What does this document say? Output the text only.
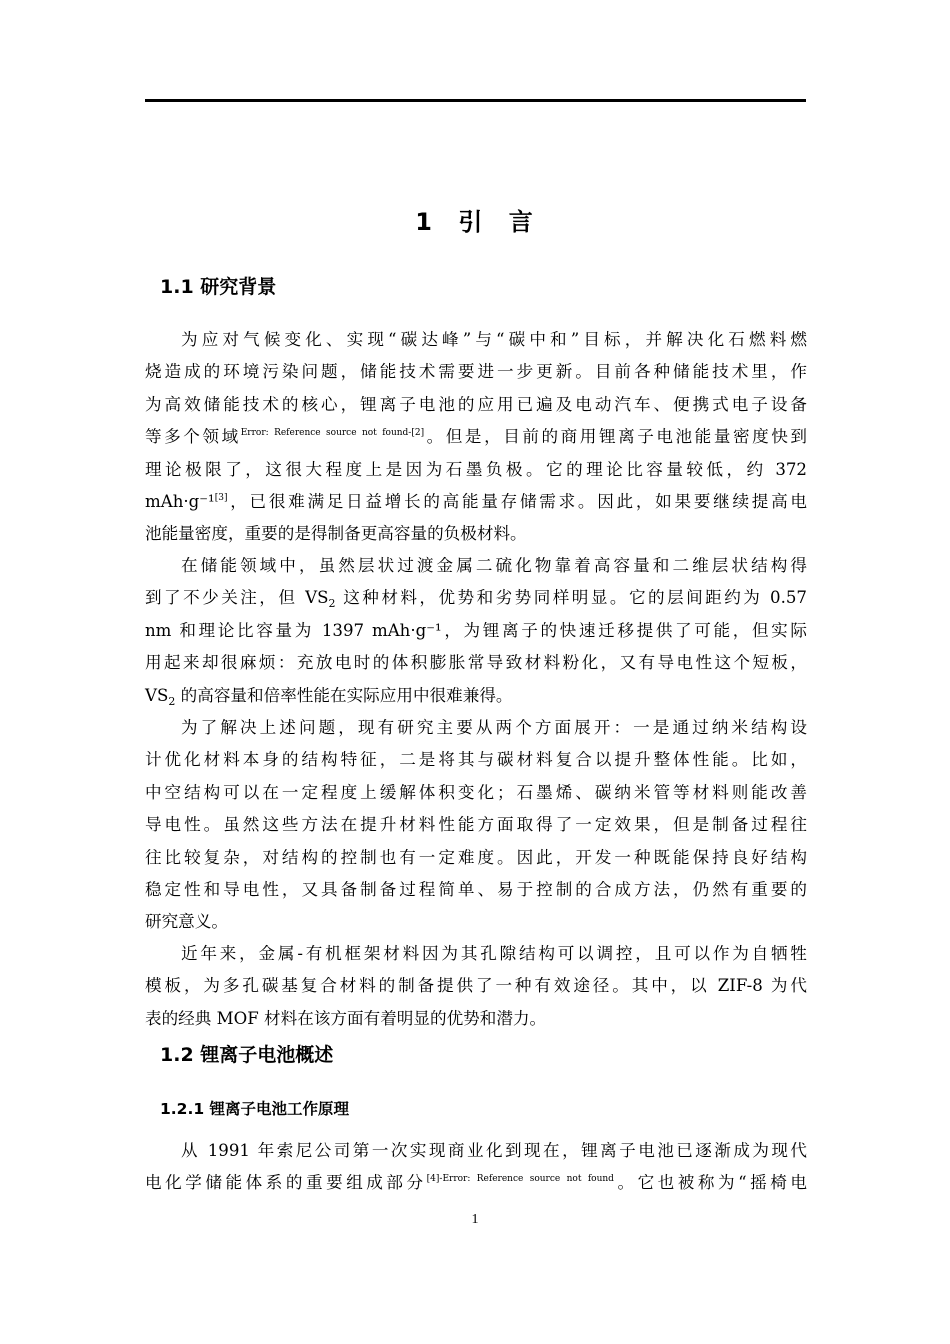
1 引 言
1.1 研究背景
为应对气候变化、实现“碳达峰”与“碳中和”目标，并解决化石燃料燃
烧造成的环境污染问题，储能技术需要进一步更新。目前各种储能技术里，作
为高效储能技术的核心，锂离子电池的应用已遍及电动汽车、便携式电子设备
等多个领域$^{Error: Reference source not found-[2]}$。但是，目前的商用锂离子电池能量密度快到
理论极限了，这很大程度上是因为石墨负极。它的理论比容量较低，约 372
mAh·g⁻¹[3]，已很难满足日益增长的高能量存储需求。因此，如果要继续提高电
池能量密度，重要的是得制备更高容量的负极材料。
在储能领域中，虽然层状过渡金属二硫化物靠着高容量和二维层状结构得
到了不少关注，但 $VS_2$ 这种材料，优势和劣势同样明显。它的层间距约为 0.57
nm 和理论比容量为 1397 mAh·g⁻¹，为锂离子的快速迁移提供了可能，但实际
用起来却很麻烦：充放电时的体积膨胀常导致材料粉化，又有导电性这个短板，
$VS_2$ 的高容量和倍率性能在实际应用中很难兼得。
为了解决上述问题，现有研究主要从两个方面展开：一是通过纳米结构设
计优化材料本身的结构特征，二是将其与碳材料复合以提升整体性能。比如，
中空结构可以在一定程度上缓解体积变化；石墨烯、碳纳米管等材料则能改善
导电性。虽然这些方法在提升材料性能方面取得了一定效果，但是制备过程往
往比较复杂，对结构的控制也有一定难度。因此，开发一种既能保持良好结构
稳定性和导电性，又具备制备过程简单、易于控制的合成方法，仍然有重要的
研究意义。
近年来，金属-有机框架材料因为其孔隙结构可以调控，且可以作为自牺牲
模板，为多孔碳基复合材料的制备提供了一种有效途径。其中，以 ZIF-8 为代
表的经典 MOF 材料在该方面有着明显的优势和潜力。
1.2 锂离子电池概述
1.2.1 锂离子电池工作原理
从 1991 年索尼公司第一次实现商业化到现在，锂离子电池已逐渐成为现代
电化学储能体系的重要组成部分$^{[4]-Error: Reference source not found}$。它也被称为“摇椅电
1
